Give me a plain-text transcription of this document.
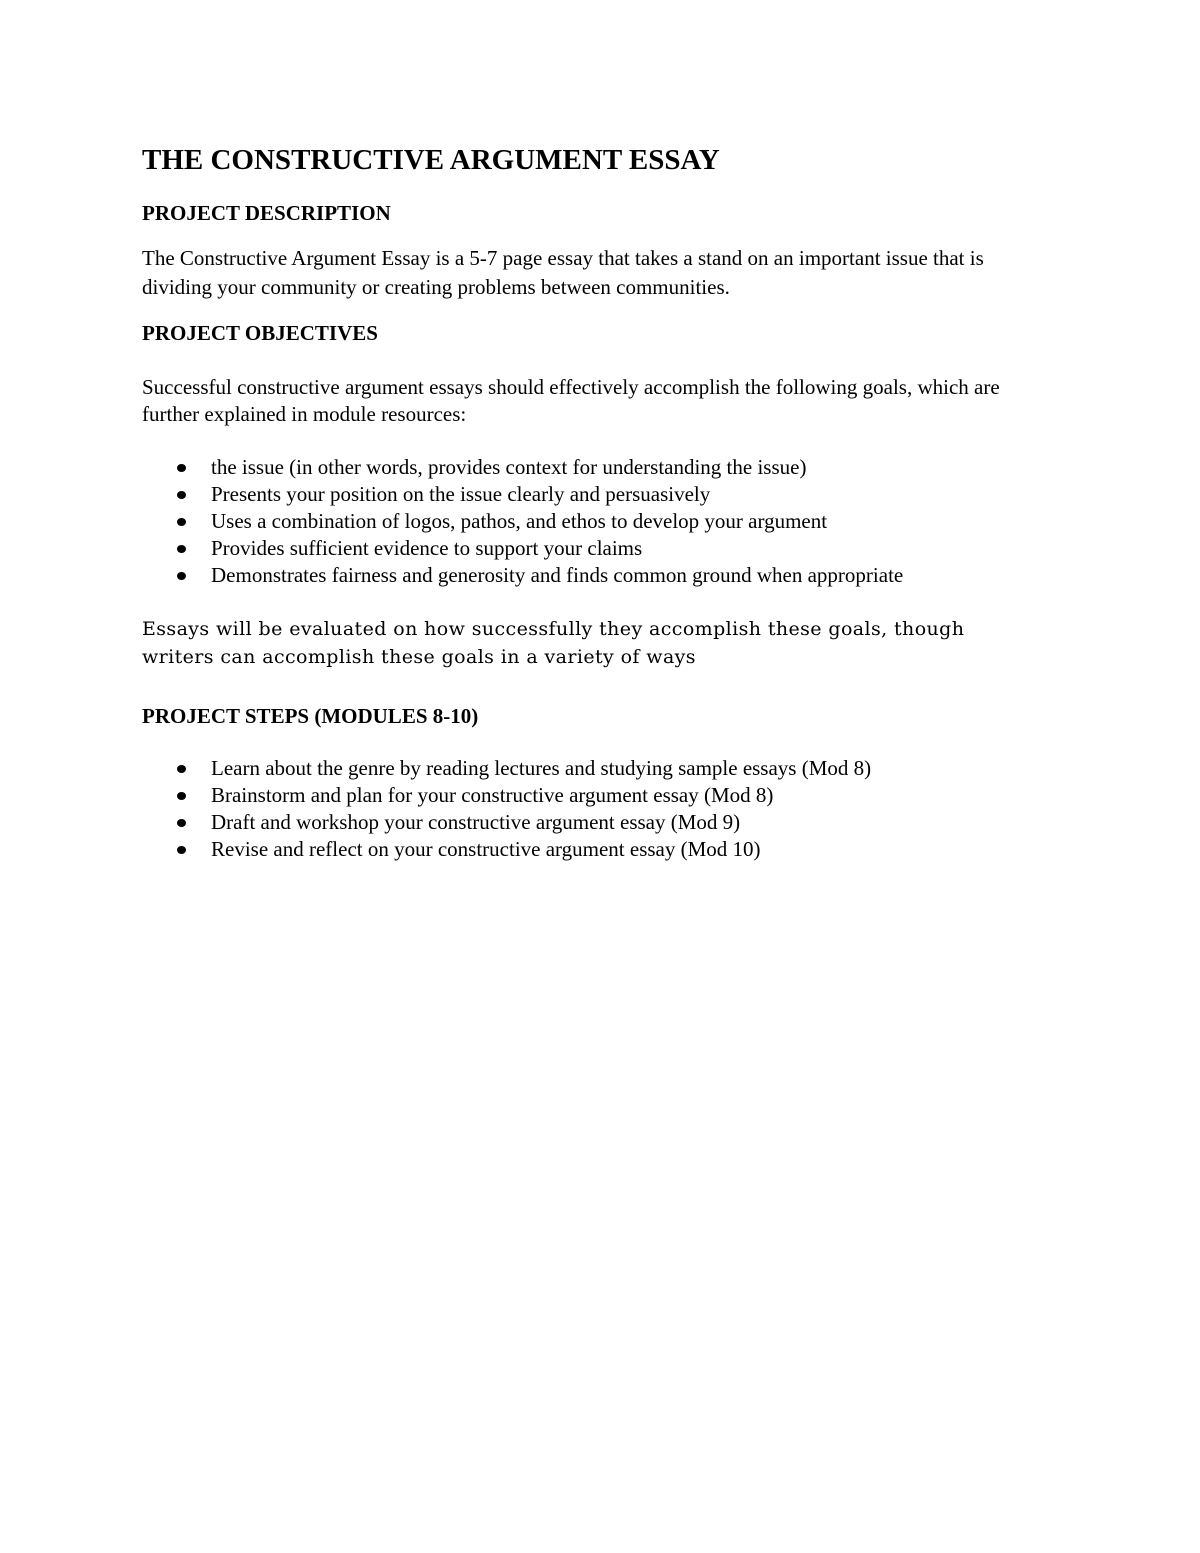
THE CONSTRUCTIVE ARGUMENT ESSAY
PROJECT DESCRIPTION

The Constructive Argument Essay is a 5-7 page essay that takes a stand on an important issue that is dividing your community or creating problems between communities.

PROJECT OBJECTIVES

Successful constructive argument essays should effectively accomplish the following goals, which are further explained in module resources:

the issue (in other words, provides context for understanding the issue)
Presents your position on the issue clearly and persuasively
Uses a combination of logos, pathos, and ethos to develop your argument
Provides sufficient evidence to support your claims
Demonstrates fairness and generosity and finds common ground when appropriate

Essays will be evaluated on how successfully they accomplish these goals, though writers can accomplish these goals in a variety of ways

PROJECT STEPS (MODULES 8-10)
Learn about the genre by reading lectures and studying sample essays (Mod 8)
Brainstorm and plan for your constructive argument essay (Mod 8)
Draft and workshop your constructive argument essay (Mod 9)
Revise and reflect on your constructive argument essay (Mod 10)
